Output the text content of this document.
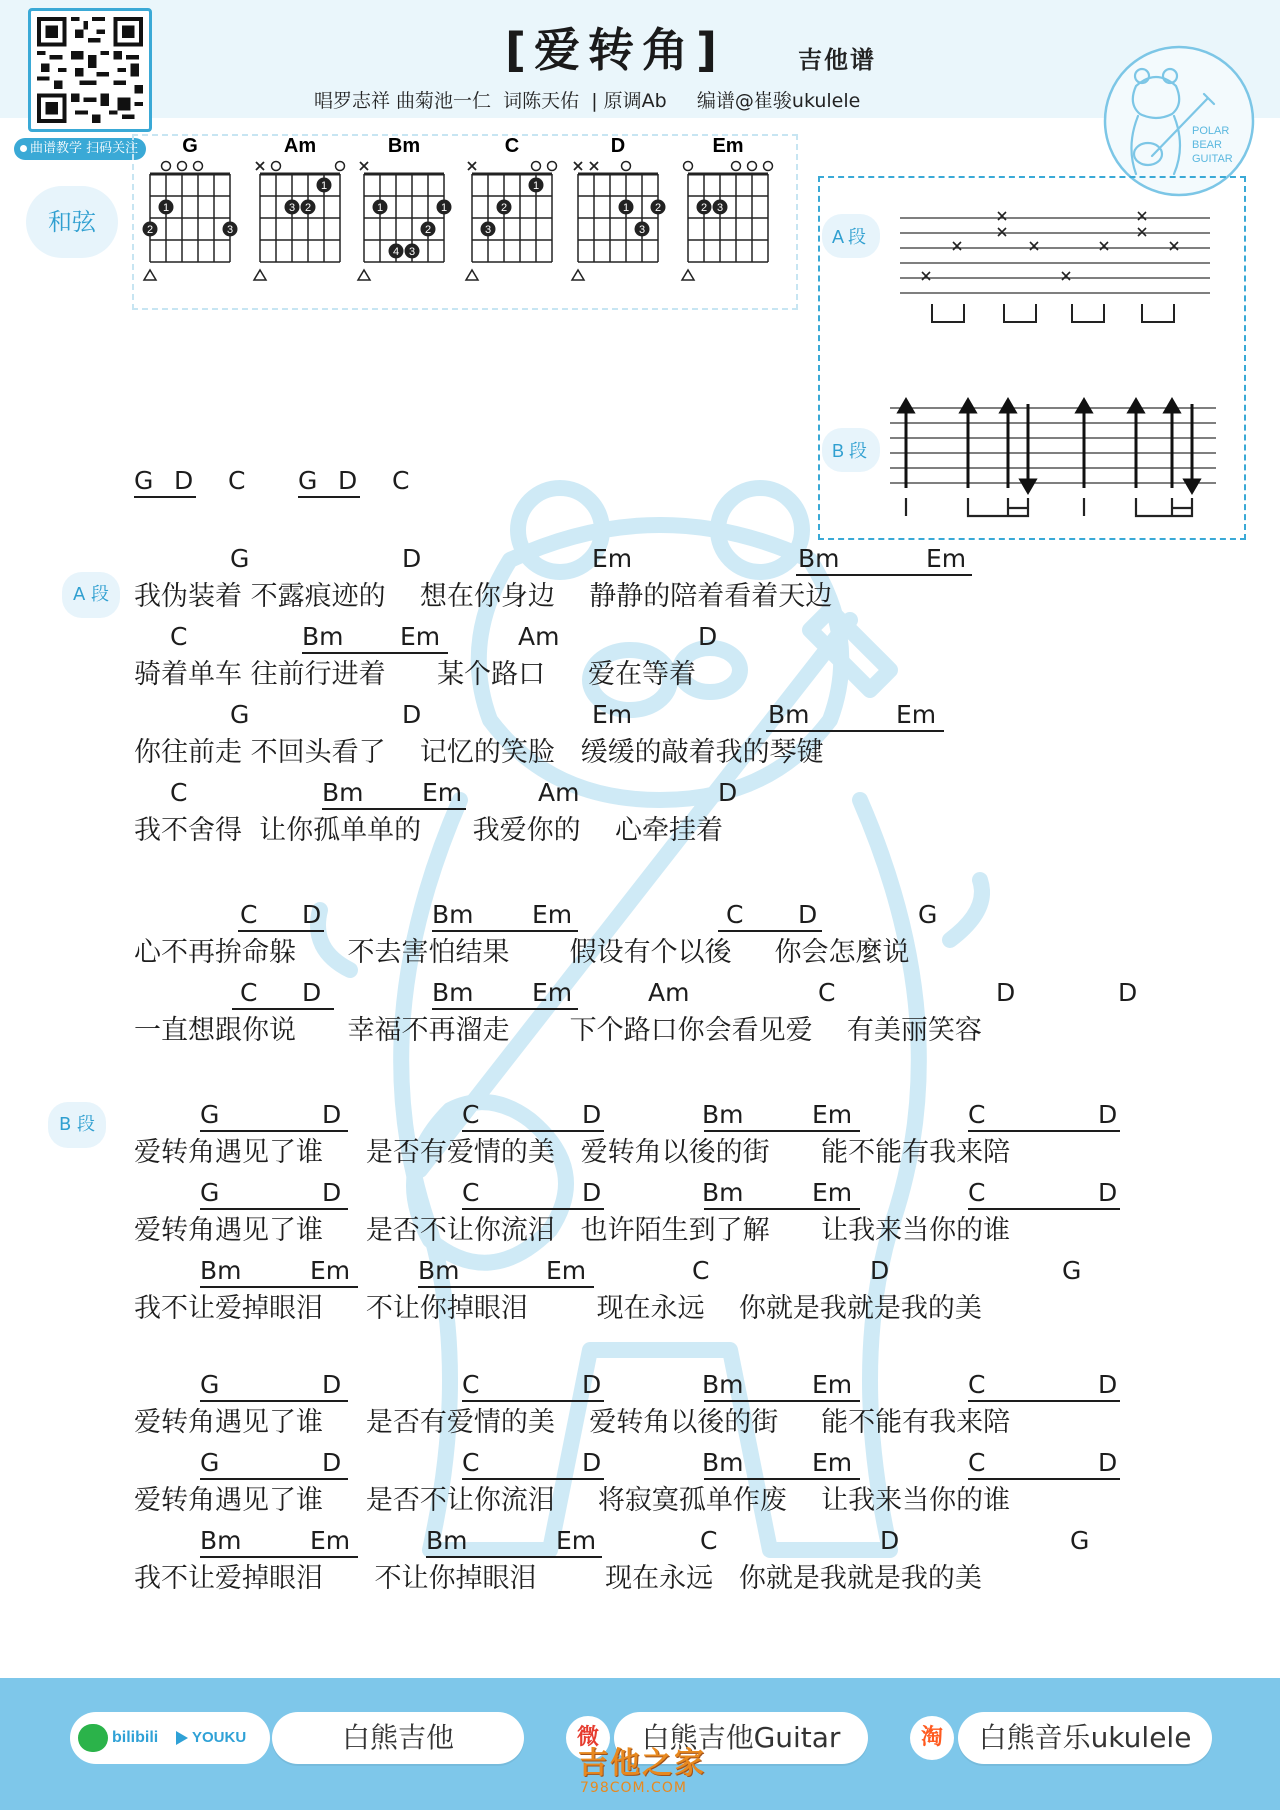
曲谱教学 扫码关注
[爱转角]	吉他谱
唱罗志祥 曲菊池一仁  词陈天佑  | 原调Ab     编谱@崔骏ukulele
POLAR
BEAR
GUITAR
和弦
G
1
2	3
Am
1
2
3
Bm
1	1
2
3
4
C
1
2
3
D
1 2
3
Em
2 3
A 段
B 段
G D C G D C
A 段
B 段
G	D	Em	Bm	Em
我伪装着 不露痕迹的    想在你身边    静静的陪着看着天边
C	Bm Em	Am	D
骑着单车 往前行进着      某个路口     爱在等着
G	D	Em	Bm	Em
你往前走 不回头看了    记忆的笑脸   缓缓的敲着我的琴键
C	Bm Em	Am	D
我不舍得  让你孤单单的      我爱你的    心牵挂着
C D	Bm Em	C D	G
心不再拚命躲      不去害怕结果       假设有个以後     你会怎麼说
C D	Bm Em	Am	C	D	D
一直想跟你说      幸福不再溜走       下个路口你会看见爱    有美丽笑容
G	D	C	D	Bm	Em	C	D
爱转角遇见了谁     是否有爱情的美   爱转角以後的街      能不能有我来陪
G	D	C	D	Bm	Em	C	D
爱转角遇见了谁     是否不让你流泪   也许陌生到了解      让我来当你的谁
Bm	Em	Bm	Em	C	D	G
我不让爱掉眼泪     不让你掉眼泪        现在永远    你就是我就是我的美
G	D	C	D	Bm	Em	C	D
爱转角遇见了谁     是否有爱情的美    爱转角以後的街     能不能有我来陪
G	D	C	D	Bm	Em	C	D
爱转角遇见了谁     是否不让你流泪     将寂寞孤单作废    让我来当你的谁
Bm	Em	Bm	Em	C	D	G
我不让爱掉眼泪      不让你掉眼泪        现在永远   你就是我就是我的美
bilibili YOUKU	白熊吉他	微	白熊吉他Guitar	淘	白熊音乐ukulele
吉他之家
798COM.COM
